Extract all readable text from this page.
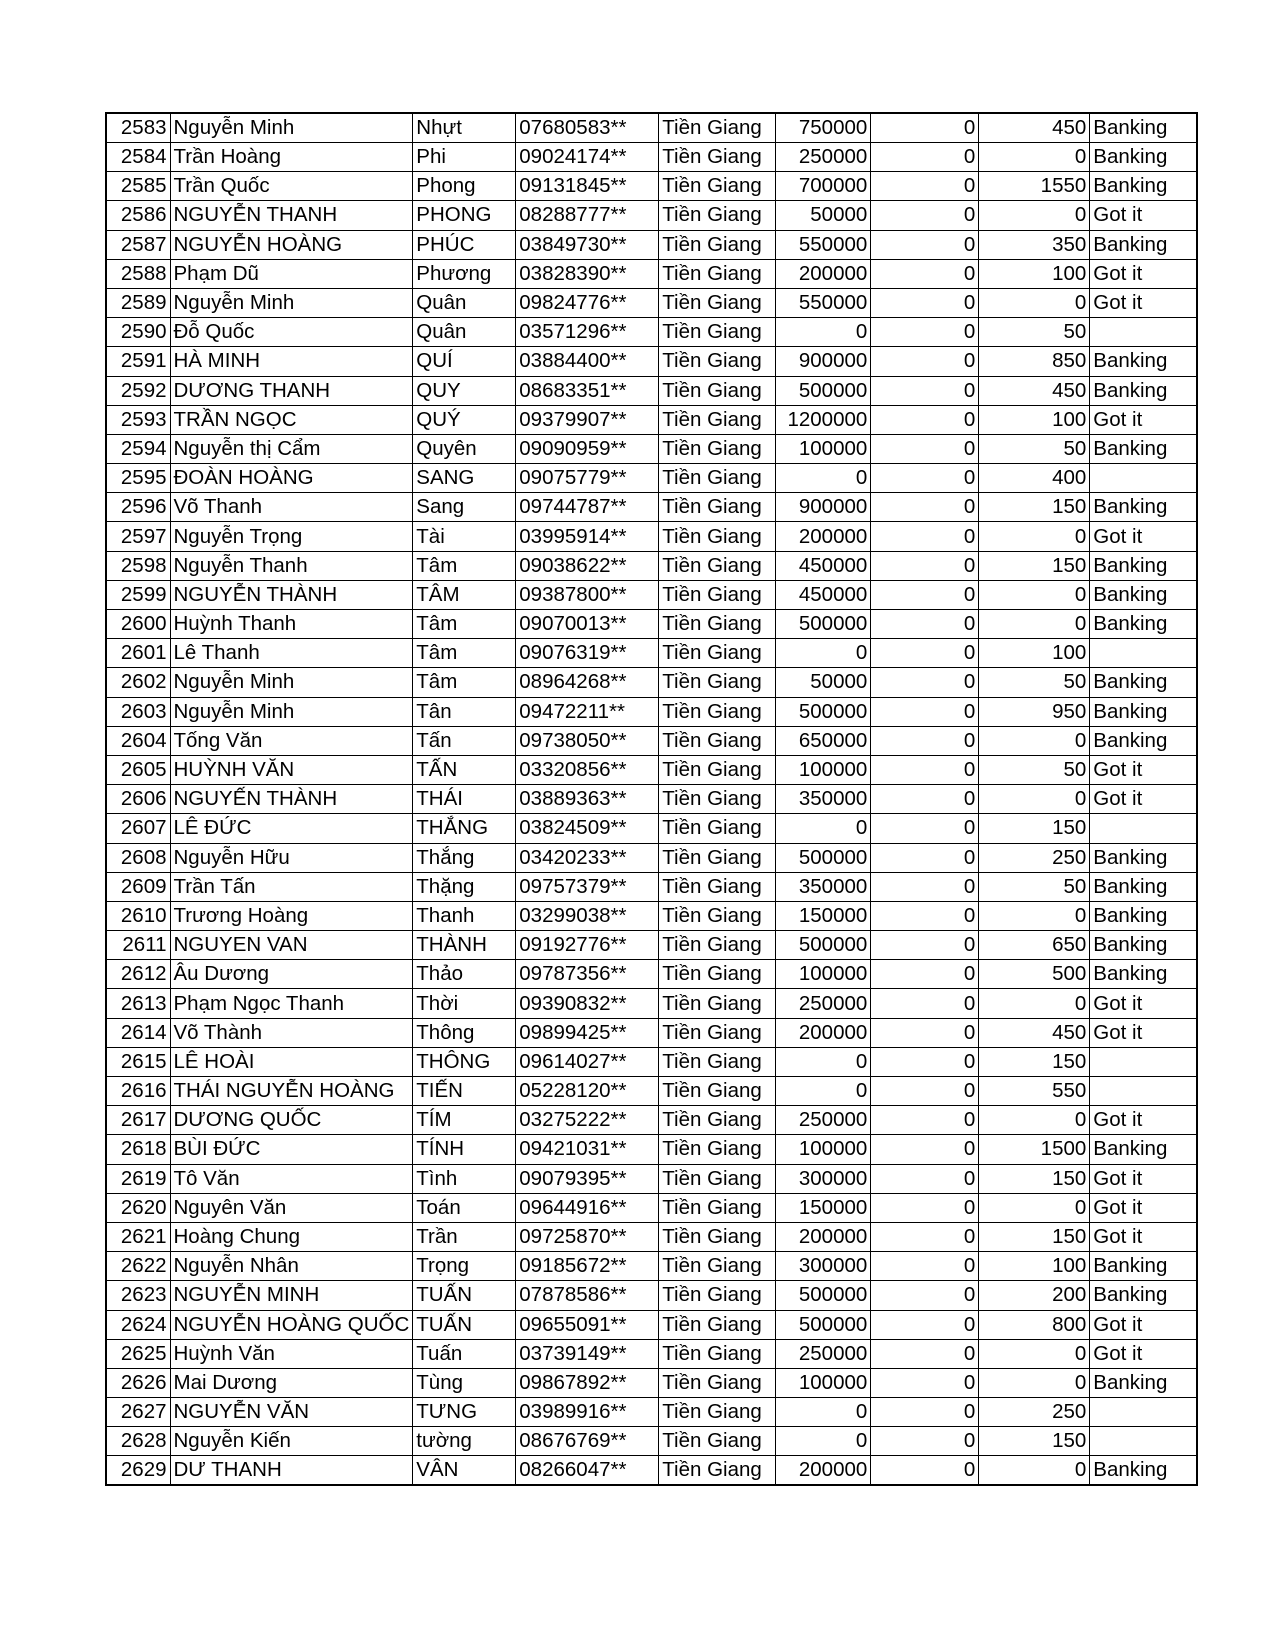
2583	Nguyễn Minh	Nhựt	07680583**	Tiền Giang	750000	0	450	Banking
2584	Trần Hoàng	Phi	09024174**	Tiền Giang	250000	0	0	Banking
2585	Trần Quốc	Phong	09131845**	Tiền Giang	700000	0	1550	Banking
2586	NGUYỄN THANH	PHONG	08288777**	Tiền Giang	50000	0	0	Got it
2587	NGUYỄN HOÀNG	PHÚC	03849730**	Tiền Giang	550000	0	350	Banking
2588	Phạm Dũ	Phương	03828390**	Tiền Giang	200000	0	100	Got it
2589	Nguyễn Minh	Quân	09824776**	Tiền Giang	550000	0	0	Got it
2590	Đỗ Quốc	Quân	03571296**	Tiền Giang	0	0	50	
2591	HÀ MINH	QUÍ	03884400**	Tiền Giang	900000	0	850	Banking
2592	DƯƠNG THANH	QUY	08683351**	Tiền Giang	500000	0	450	Banking
2593	TRẦN NGỌC	QUÝ	09379907**	Tiền Giang	1200000	0	100	Got it
2594	Nguyễn thị Cẩm	Quyên	09090959**	Tiền Giang	100000	0	50	Banking
2595	ĐOÀN HOÀNG	SANG	09075779**	Tiền Giang	0	0	400	
2596	Võ Thanh	Sang	09744787**	Tiền Giang	900000	0	150	Banking
2597	Nguyễn Trọng	Tài	03995914**	Tiền Giang	200000	0	0	Got it
2598	Nguyễn Thanh	Tâm	09038622**	Tiền Giang	450000	0	150	Banking
2599	NGUYỄN THÀNH	TÂM	09387800**	Tiền Giang	450000	0	0	Banking
2600	Huỳnh Thanh	Tâm	09070013**	Tiền Giang	500000	0	0	Banking
2601	Lê Thanh	Tâm	09076319**	Tiền Giang	0	0	100	
2602	Nguyễn Minh	Tâm	08964268**	Tiền Giang	50000	0	50	Banking
2603	Nguyễn Minh	Tân	09472211**	Tiền Giang	500000	0	950	Banking
2604	Tống Văn	Tấn	09738050**	Tiền Giang	650000	0	0	Banking
2605	HUỲNH VĂN	TẤN	03320856**	Tiền Giang	100000	0	50	Got it
2606	NGUYẾN THÀNH	THÁI	03889363**	Tiền Giang	350000	0	0	Got it
2607	LÊ ĐỨC	THẮNG	03824509**	Tiền Giang	0	0	150	
2608	Nguyễn Hữu	Thắng	03420233**	Tiền Giang	500000	0	250	Banking
2609	Trần Tấn	Thặng	09757379**	Tiền Giang	350000	0	50	Banking
2610	Trương Hoàng	Thanh	03299038**	Tiền Giang	150000	0	0	Banking
2611	NGUYEN VAN	THÀNH	09192776**	Tiền Giang	500000	0	650	Banking
2612	Âu Dương	Thảo	09787356**	Tiền Giang	100000	0	500	Banking
2613	Phạm Ngọc Thanh	Thời	09390832**	Tiền Giang	250000	0	0	Got it
2614	Võ Thành	Thông	09899425**	Tiền Giang	200000	0	450	Got it
2615	LÊ HOÀI	THÔNG	09614027**	Tiền Giang	0	0	150	
2616	THÁI NGUYỄN HOÀNG	TIẾN	05228120**	Tiền Giang	0	0	550	
2617	DƯƠNG QUỐC	TÍM	03275222**	Tiền Giang	250000	0	0	Got it
2618	BÙI ĐỨC	TÍNH	09421031**	Tiền Giang	100000	0	1500	Banking
2619	Tô Văn	Tình	09079395**	Tiền Giang	300000	0	150	Got it
2620	Nguyên Văn	Toán	09644916**	Tiền Giang	150000	0	0	Got it
2621	Hoàng Chung	Trần	09725870**	Tiền Giang	200000	0	150	Got it
2622	Nguyễn Nhân	Trọng	09185672**	Tiền Giang	300000	0	100	Banking
2623	NGUYỄN MINH	TUẤN	07878586**	Tiền Giang	500000	0	200	Banking
2624	NGUYỄN HOÀNG QUỐC	TUẤN	09655091**	Tiền Giang	500000	0	800	Got it
2625	Huỳnh Văn	Tuấn	03739149**	Tiền Giang	250000	0	0	Got it
2626	Mai Dương	Tùng	09867892**	Tiền Giang	100000	0	0	Banking
2627	NGUYỄN VĂN	TƯNG	03989916**	Tiền Giang	0	0	250	
2628	Nguyễn Kiến	tường	08676769**	Tiền Giang	0	0	150	
2629	DƯ THANH	VÂN	08266047**	Tiền Giang	200000	0	0	Banking
